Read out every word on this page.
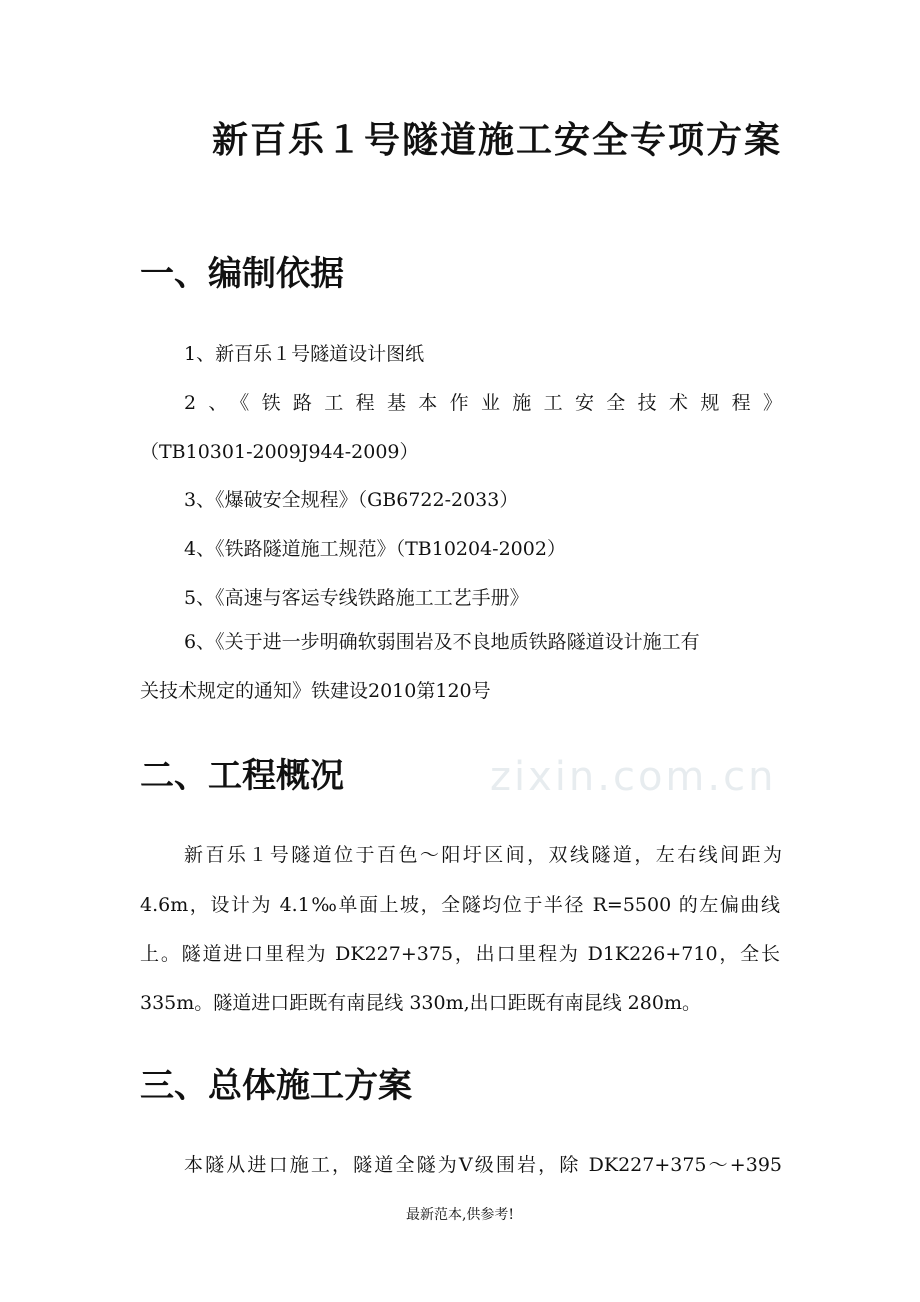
zixin.com.cn
新百乐１号隧道施工安全专项方案
一、编制依据

1、新百乐１号隧道设计图纸

2、《铁路工程基本作业施工安全技术规程》

（TB10301-2009J944-2009）

3、《爆破安全规程》（GB6722-2033）

4、《铁路隧道施工规范》（TB10204-2002）

5、《高速与客运专线铁路施工工艺手册》

6、《关于进一步明确软弱围岩及不良地质铁路隧道设计施工有

关技术规定的通知》铁建设2010第120号

二、工程概况

新百乐１号隧道位于百色～阳圩区间，双线隧道，左右线间距为

4.6m，设计为 4.1‰单面上坡，全隧均位于半径 R=5500 的左偏曲线

上。隧道进口里程为 DK227+375，出口里程为 D1K226+710，全长

335m。隧道进口距既有南昆线 330m,出口距既有南昆线 280m。

三、总体施工方案

本隧从进口施工，隧道全隧为Ⅴ级围岩，除 DK227+375～+395

最新范本,供参考!
